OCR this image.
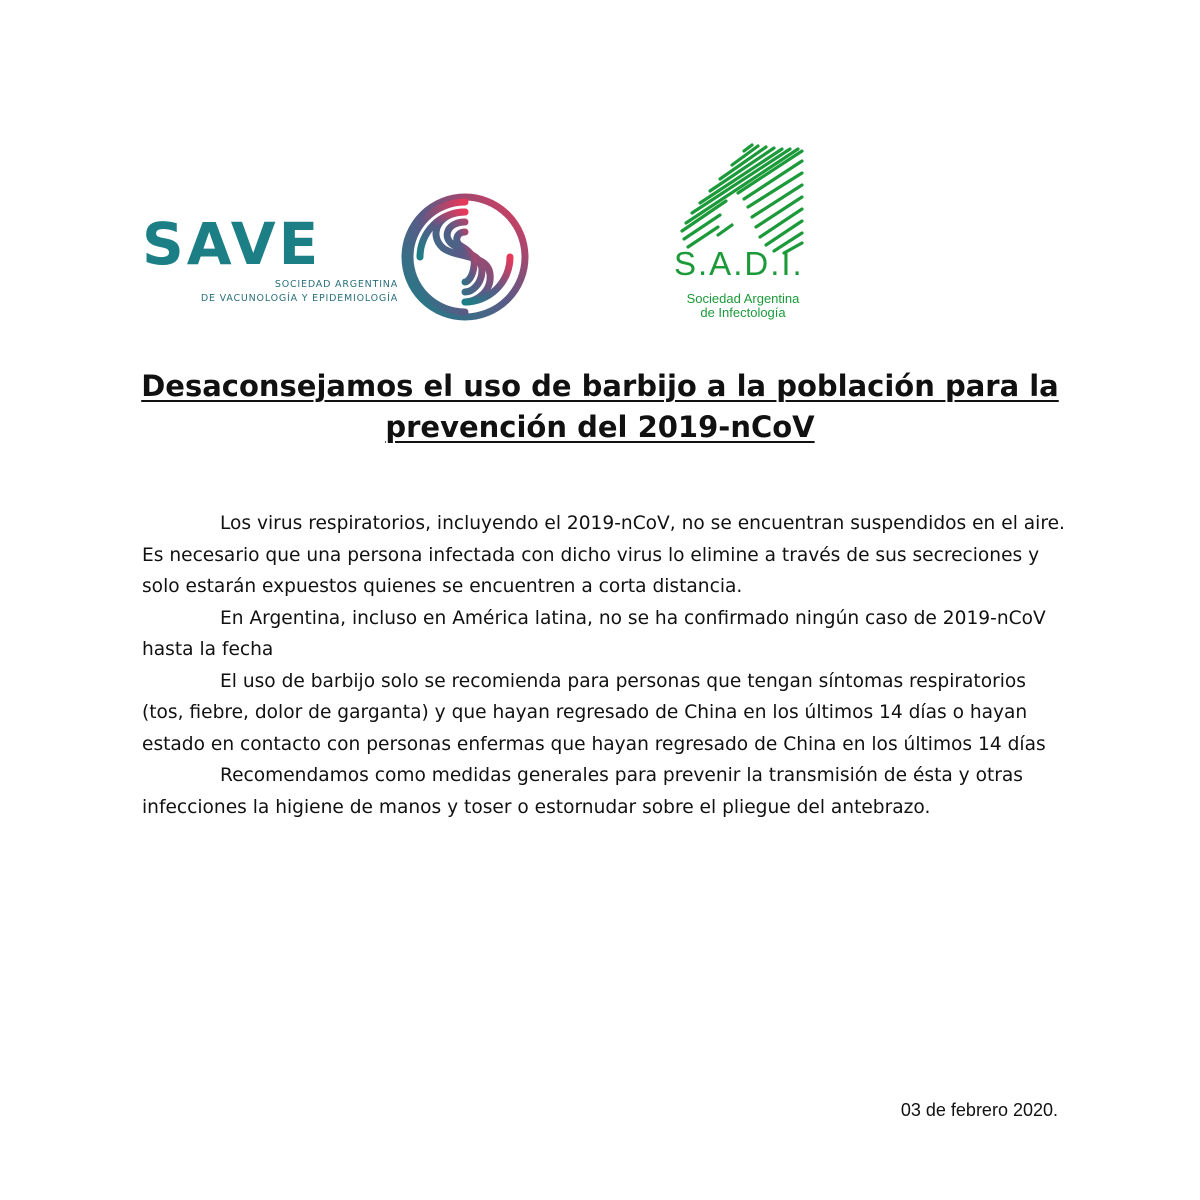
SAVE
SOCIEDAD ARGENTINA
DE VACUNOLOGÍA Y EPIDEMIOLOGÍA
S.A.D.I.
Sociedad Argentina
de Infectología
Desaconsejamos el uso de barbijo a la población para la
prevención del 2019-nCoV

Los virus respiratorios, incluyendo el 2019-nCoV, no se encuentran suspendidos en el aire. Es necesario que una persona infectada con dicho virus lo elimine a través de sus secreciones y solo estarán expuestos quienes se encuentren a corta distancia.

En Argentina, incluso en América latina, no se ha confirmado ningún caso de 2019-nCoV hasta la fecha

El uso de barbijo solo se recomienda para personas que tengan síntomas respiratorios (tos, fiebre, dolor de garganta) y que hayan regresado de China en los últimos 14 días o hayan estado en contacto con personas enfermas que hayan regresado de China en los últimos 14 días

Recomendamos como medidas generales para prevenir la transmisión de ésta y otras infecciones la higiene de manos y toser o estornudar sobre el pliegue del antebrazo.

03 de febrero 2020.
